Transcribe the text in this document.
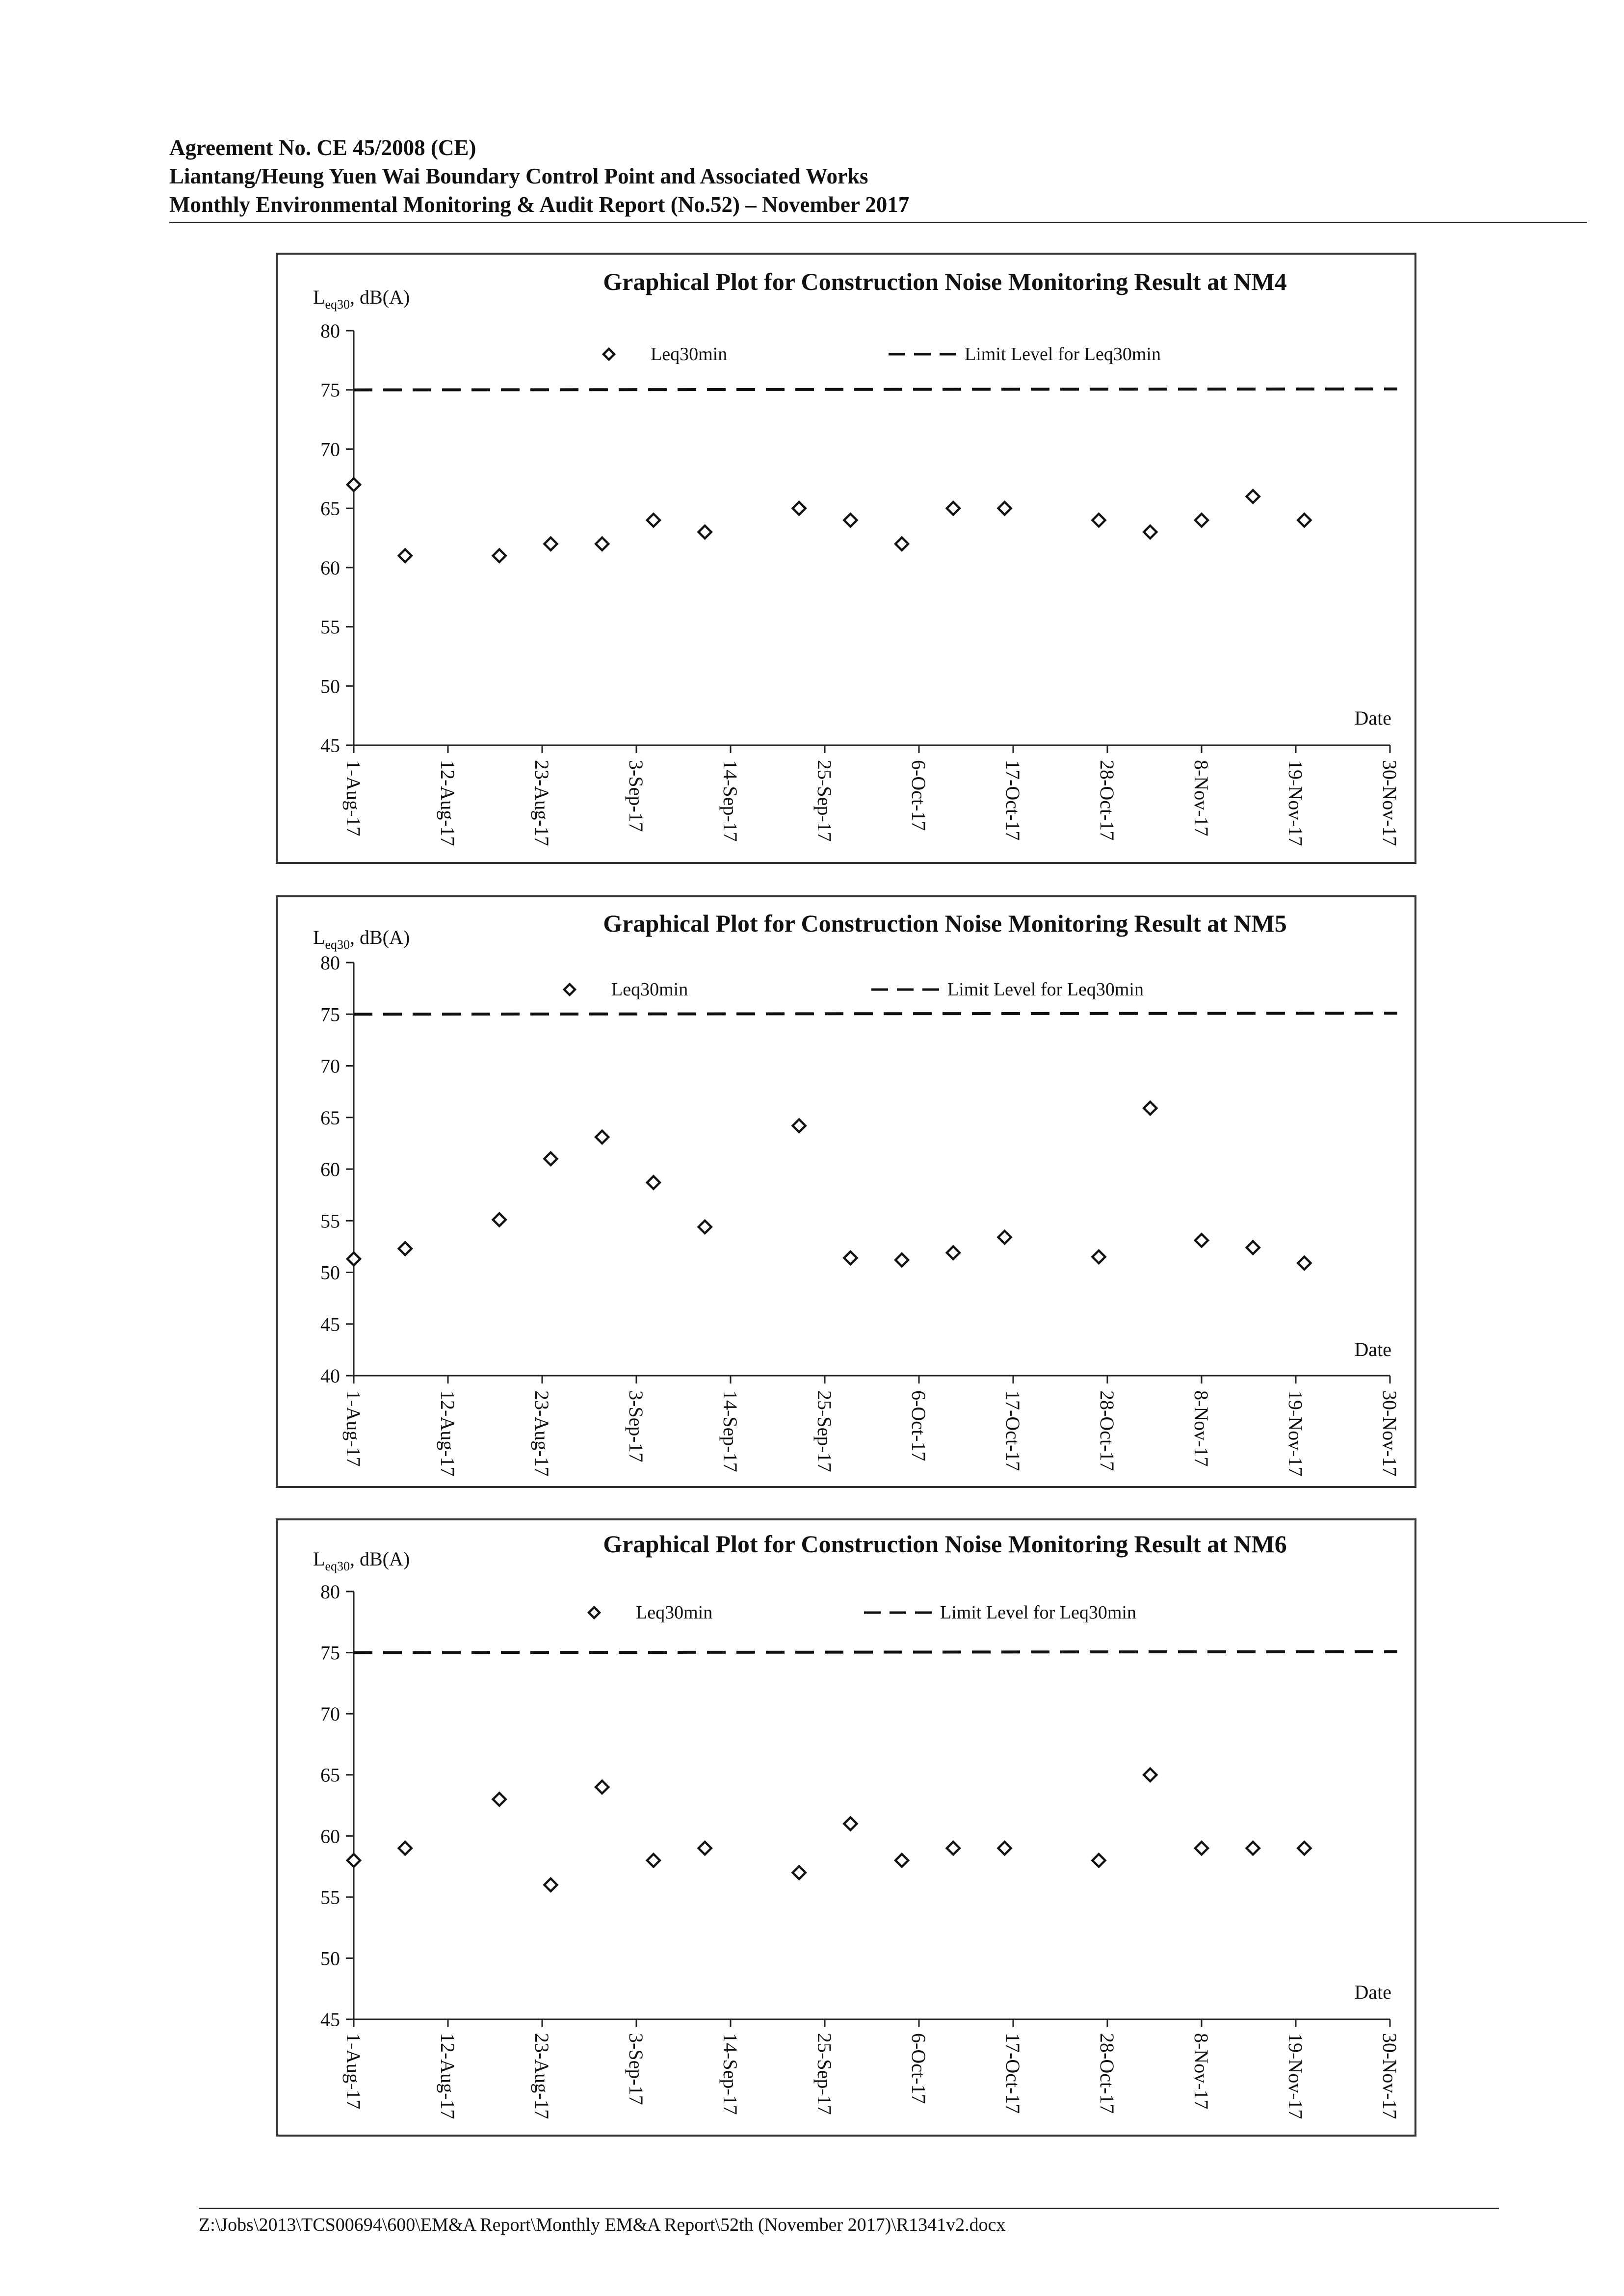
Agreement No. CE 45/2008 (CE)
Liantang/Heung Yuen Wai Boundary Control Point and Associated Works
Monthly Environmental Monitoring & Audit Report (No.52) – November 2017
Graphical Plot for Construction Noise Monitoring Result at NM4
$L_{eq30}$, dB(A)
45
50
55
60
65
70
75
80
1-Aug-17	12-Aug-17	23-Aug-17	3-Sep-17	14-Sep-17	25-Sep-17	6-Oct-17	17-Oct-17	28-Oct-17	8-Nov-17	19-Nov-17	30-Nov-17
Date
Leq30min	Limit Level for Leq30min
Graphical Plot for Construction Noise Monitoring Result at NM5
$L_{eq30}$, dB(A)
40
45
50
55
60
65
70
75
80
1-Aug-17	12-Aug-17	23-Aug-17	3-Sep-17	14-Sep-17	25-Sep-17	6-Oct-17	17-Oct-17	28-Oct-17	8-Nov-17	19-Nov-17	30-Nov-17
Date
Leq30min	Limit Level for Leq30min
Graphical Plot for Construction Noise Monitoring Result at NM6
$L_{eq30}$, dB(A)
45
50
55
60
65
70
75
80
1-Aug-17	12-Aug-17	23-Aug-17	3-Sep-17	14-Sep-17	25-Sep-17	6-Oct-17	17-Oct-17	28-Oct-17	8-Nov-17	19-Nov-17	30-Nov-17
Date
Leq30min	Limit Level for Leq30min
Z:\Jobs\2013\TCS00694\600\EM&A Report\Monthly EM&A Report\52th (November 2017)\R1341v2.docx
